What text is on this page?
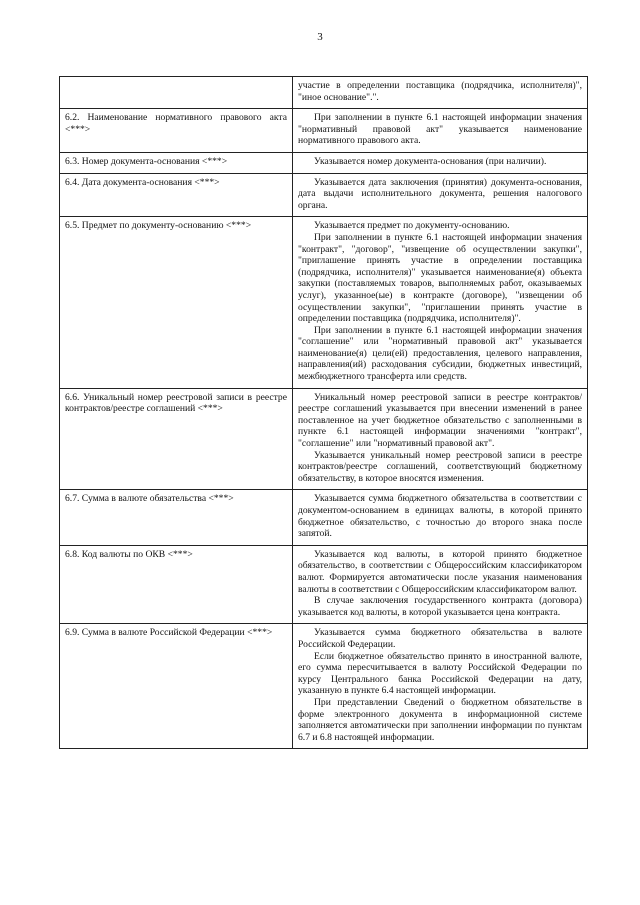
3

	участие в определении поставщика (подрядчика, исполнителя)", "иное основание".".

6.2. Наименование нормативного правового акта <***>	При заполнении в пункте 6.1 настоящей информации значения "нормативный правовой акт" указывается наименование нормативного правового акта.

6.3. Номер документа-основания <***>	Указывается номер документа-основания (при наличии).

6.4. Дата документа-основания <***>	Указывается дата заключения (принятия) документа-основания, дата выдачи исполнительного документа, решения налогового органа.

6.5. Предмет по документу-основанию <***>	Указывается предмет по документу-основанию.

При заполнении в пункте 6.1 настоящей информации значения "контракт", "договор", "извещение об осуществлении закупки", "приглашение принять участие в определении поставщика (подрядчика, исполнителя)" указывается наименование(я) объекта закупки (поставляемых товаров, выполняемых работ, оказываемых услуг), указанное(ые) в контракте (договоре), "извещении об осуществлении закупки", "приглашении принять участие в определении поставщика (подрядчика, исполнителя)".

При заполнении в пункте 6.1 настоящей информации значения "соглашение" или "нормативный правовой акт" указывается наименование(я) цели(ей) предоставления, целевого направления, направления(ий) расходования субсидии, бюджетных инвестиций, межбюджетного трансферта или средств.

6.6. Уникальный номер реестровой записи в реестре контрактов/реестре соглашений <***>	Уникальный номер реестровой записи в реестре контрактов/реестре соглашений указывается при внесении изменений в ранее поставленное на учет бюджетное обязательство с заполненными в пункте 6.1 настоящей информации значениями "контракт", "соглашение" или "нормативный правовой акт".

Указывается уникальный номер реестровой записи в реестре контрактов/реестре соглашений, соответствующий бюджетному обязательству, в которое вносятся изменения.

6.7. Сумма в валюте обязательства <***>	Указывается сумма бюджетного обязательства в соответствии с документом-основанием в единицах валюты, в которой принято бюджетное обязательство, с точностью до второго знака после запятой.

6.8. Код валюты по ОКВ <***>	Указывается код валюты, в которой принято бюджетное обязательство, в соответствии с Общероссийским классификатором валют. Формируется автоматически после указания наименования валюты в соответствии с Общероссийским классификатором валют.

В случае заключения государственного контракта (договора) указывается код валюты, в которой указывается цена контракта.

6.9. Сумма в валюте Российской Федерации <***>	Указывается сумма бюджетного обязательства в валюте Российской Федерации.

Если бюджетное обязательство принято в иностранной валюте, его сумма пересчитывается в валюту Российской Федерации по курсу Центрального банка Российской Федерации на дату, указанную в пункте 6.4 настоящей информации.

При представлении Сведений о бюджетном обязательстве в форме электронного документа в информационной системе заполняется автоматически при заполнении информации по пунктам 6.7 и 6.8 настоящей информации.
